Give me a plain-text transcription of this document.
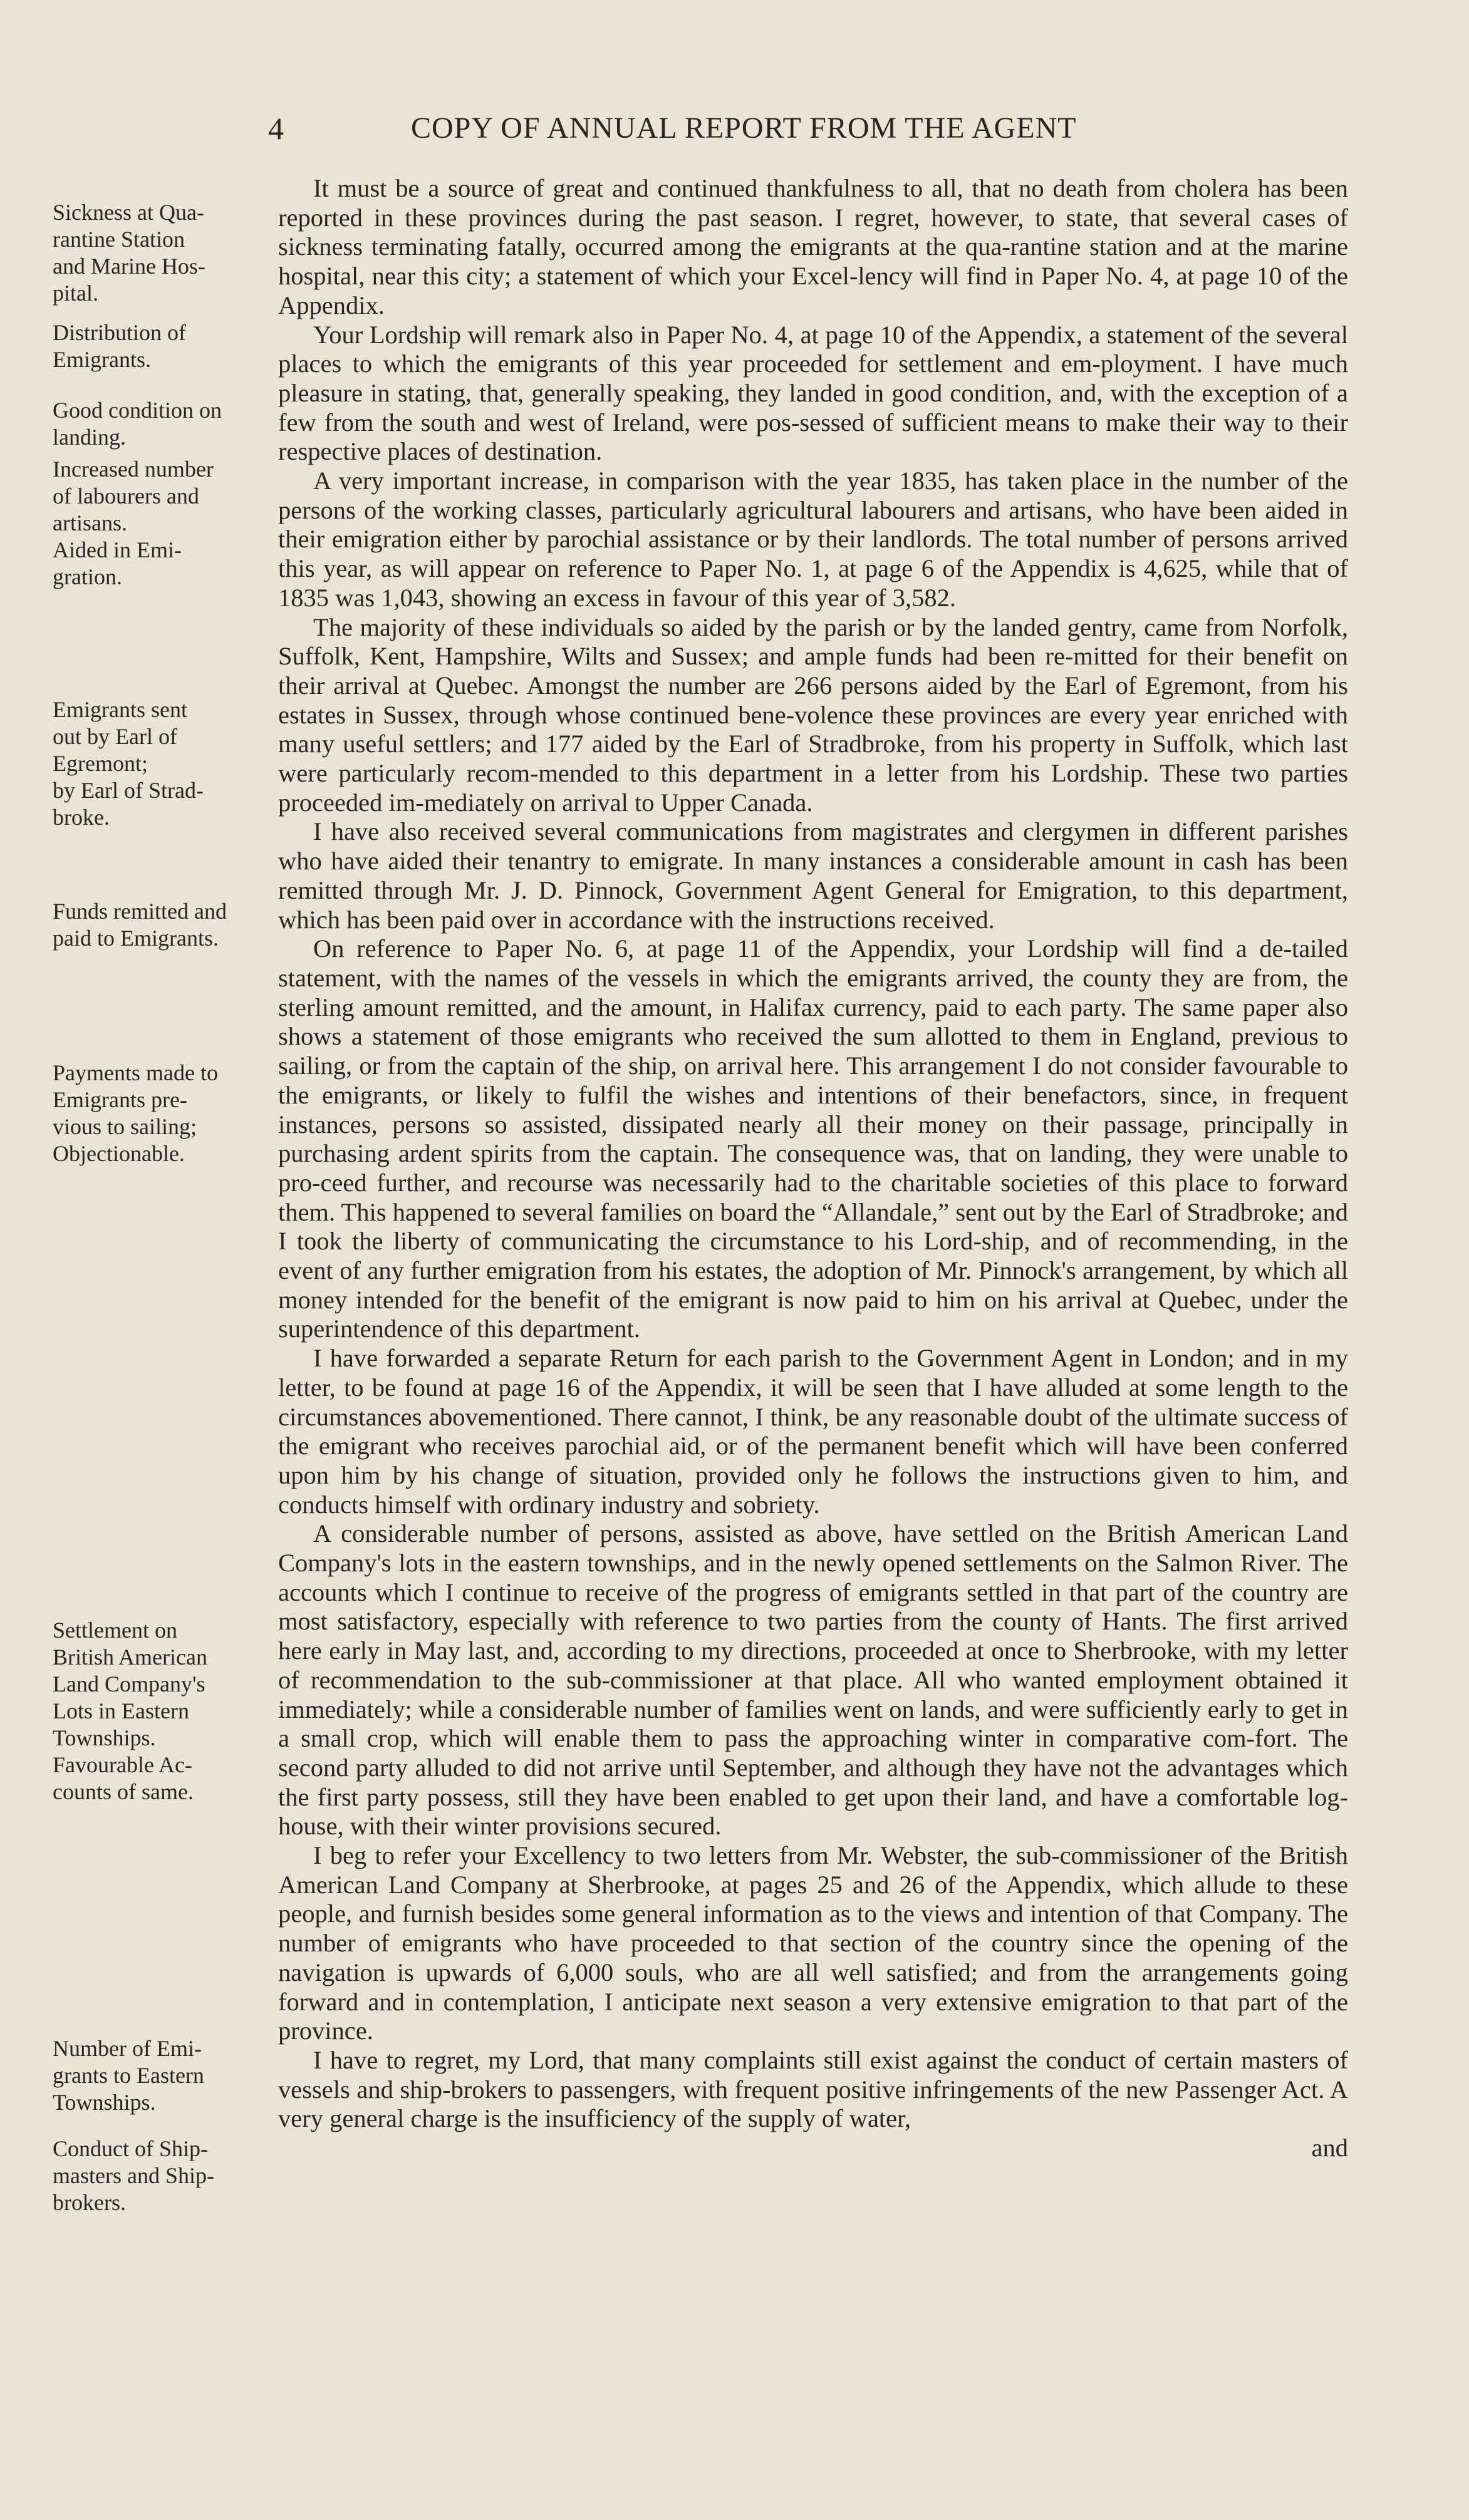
4	COPY OF ANNUAL REPORT FROM THE AGENT
Sickness at Qua-
rantine Station
and Marine Hos-
pital.
Distribution of
Emigrants.
Good condition on
landing.
Increased number
of labourers and
artisans.
Aided in Emi-
gration.
Emigrants sent
out by Earl of
Egremont;
by Earl of Strad-
broke.
Funds remitted and
paid to Emigrants.
Payments made to
Emigrants pre-
vious to sailing;
Objectionable.
Settlement on
British American
Land Company's
Lots in Eastern
Townships.
Favourable Ac-
counts of same.
Number of Emi-
grants to Eastern
Townships.
Conduct of Ship-
masters and Ship-
brokers.

It must be a source of great and continued thankfulness to all, that no death from cholera has been reported in these provinces during the past season. I regret, however, to state, that several cases of sickness terminating fatally, occurred among the emigrants at the qua-rantine station and at the marine hospital, near this city; a statement of which your Excel-lency will find in Paper No. 4, at page 10 of the Appendix.

Your Lordship will remark also in Paper No. 4, at page 10 of the Appendix, a statement of the several places to which the emigrants of this year proceeded for settlement and em-ployment. I have much pleasure in stating, that, generally speaking, they landed in good condition, and, with the exception of a few from the south and west of Ireland, were pos-sessed of sufficient means to make their way to their respective places of destination.

A very important increase, in comparison with the year 1835, has taken place in the number of the persons of the working classes, particularly agricultural labourers and artisans, who have been aided in their emigration either by parochial assistance or by their landlords. The total number of persons arrived this year, as will appear on reference to Paper No. 1, at page 6 of the Appendix is 4,625, while that of 1835 was 1,043, showing an excess in favour of this year of 3,582.

The majority of these individuals so aided by the parish or by the landed gentry, came from Norfolk, Suffolk, Kent, Hampshire, Wilts and Sussex; and ample funds had been re-mitted for their benefit on their arrival at Quebec. Amongst the number are 266 persons aided by the Earl of Egremont, from his estates in Sussex, through whose continued bene-volence these provinces are every year enriched with many useful settlers; and 177 aided by the Earl of Stradbroke, from his property in Suffolk, which last were particularly recom-mended to this department in a letter from his Lordship. These two parties proceeded im-mediately on arrival to Upper Canada.

I have also received several communications from magistrates and clergymen in different parishes who have aided their tenantry to emigrate. In many instances a considerable amount in cash has been remitted through Mr. J. D. Pinnock, Government Agent General for Emigration, to this department, which has been paid over in accordance with the instructions received.

On reference to Paper No. 6, at page 11 of the Appendix, your Lordship will find a de-tailed statement, with the names of the vessels in which the emigrants arrived, the county they are from, the sterling amount remitted, and the amount, in Halifax currency, paid to each party. The same paper also shows a statement of those emigrants who received the sum allotted to them in England, previous to sailing, or from the captain of the ship, on arrival here. This arrangement I do not consider favourable to the emigrants, or likely to fulfil the wishes and intentions of their benefactors, since, in frequent instances, persons so assisted, dissipated nearly all their money on their passage, principally in purchasing ardent spirits from the captain. The consequence was, that on landing, they were unable to pro-ceed further, and recourse was necessarily had to the charitable societies of this place to forward them. This happened to several families on board the “Allandale,” sent out by the Earl of Stradbroke; and I took the liberty of communicating the circumstance to his Lord-ship, and of recommending, in the event of any further emigration from his estates, the adoption of Mr. Pinnock's arrangement, by which all money intended for the benefit of the emigrant is now paid to him on his arrival at Quebec, under the superintendence of this department.

I have forwarded a separate Return for each parish to the Government Agent in London; and in my letter, to be found at page 16 of the Appendix, it will be seen that I have alluded at some length to the circumstances abovementioned. There cannot, I think, be any reasonable doubt of the ultimate success of the emigrant who receives parochial aid, or of the permanent benefit which will have been conferred upon him by his change of situation, provided only he follows the instructions given to him, and conducts himself with ordinary industry and sobriety.

A considerable number of persons, assisted as above, have settled on the British American Land Company's lots in the eastern townships, and in the newly opened settlements on the Salmon River. The accounts which I continue to receive of the progress of emigrants settled in that part of the country are most satisfactory, especially with reference to two parties from the county of Hants. The first arrived here early in May last, and, according to my directions, proceeded at once to Sherbrooke, with my letter of recommendation to the sub-commissioner at that place. All who wanted employment obtained it immediately; while a considerable number of families went on lands, and were sufficiently early to get in a small crop, which will enable them to pass the approaching winter in comparative com-fort. The second party alluded to did not arrive until September, and although they have not the advantages which the first party possess, still they have been enabled to get upon their land, and have a comfortable log-house, with their winter provisions secured.

I beg to refer your Excellency to two letters from Mr. Webster, the sub-commissioner of the British American Land Company at Sherbrooke, at pages 25 and 26 of the Appendix, which allude to these people, and furnish besides some general information as to the views and intention of that Company. The number of emigrants who have proceeded to that section of the country since the opening of the navigation is upwards of 6,000 souls, who are all well satisfied; and from the arrangements going forward and in contemplation, I anticipate next season a very extensive emigration to that part of the province.

I have to regret, my Lord, that many complaints still exist against the conduct of certain masters of vessels and ship-brokers to passengers, with frequent positive infringements of the new Passenger Act. A very general charge is the insufficiency of the supply of water,

and
